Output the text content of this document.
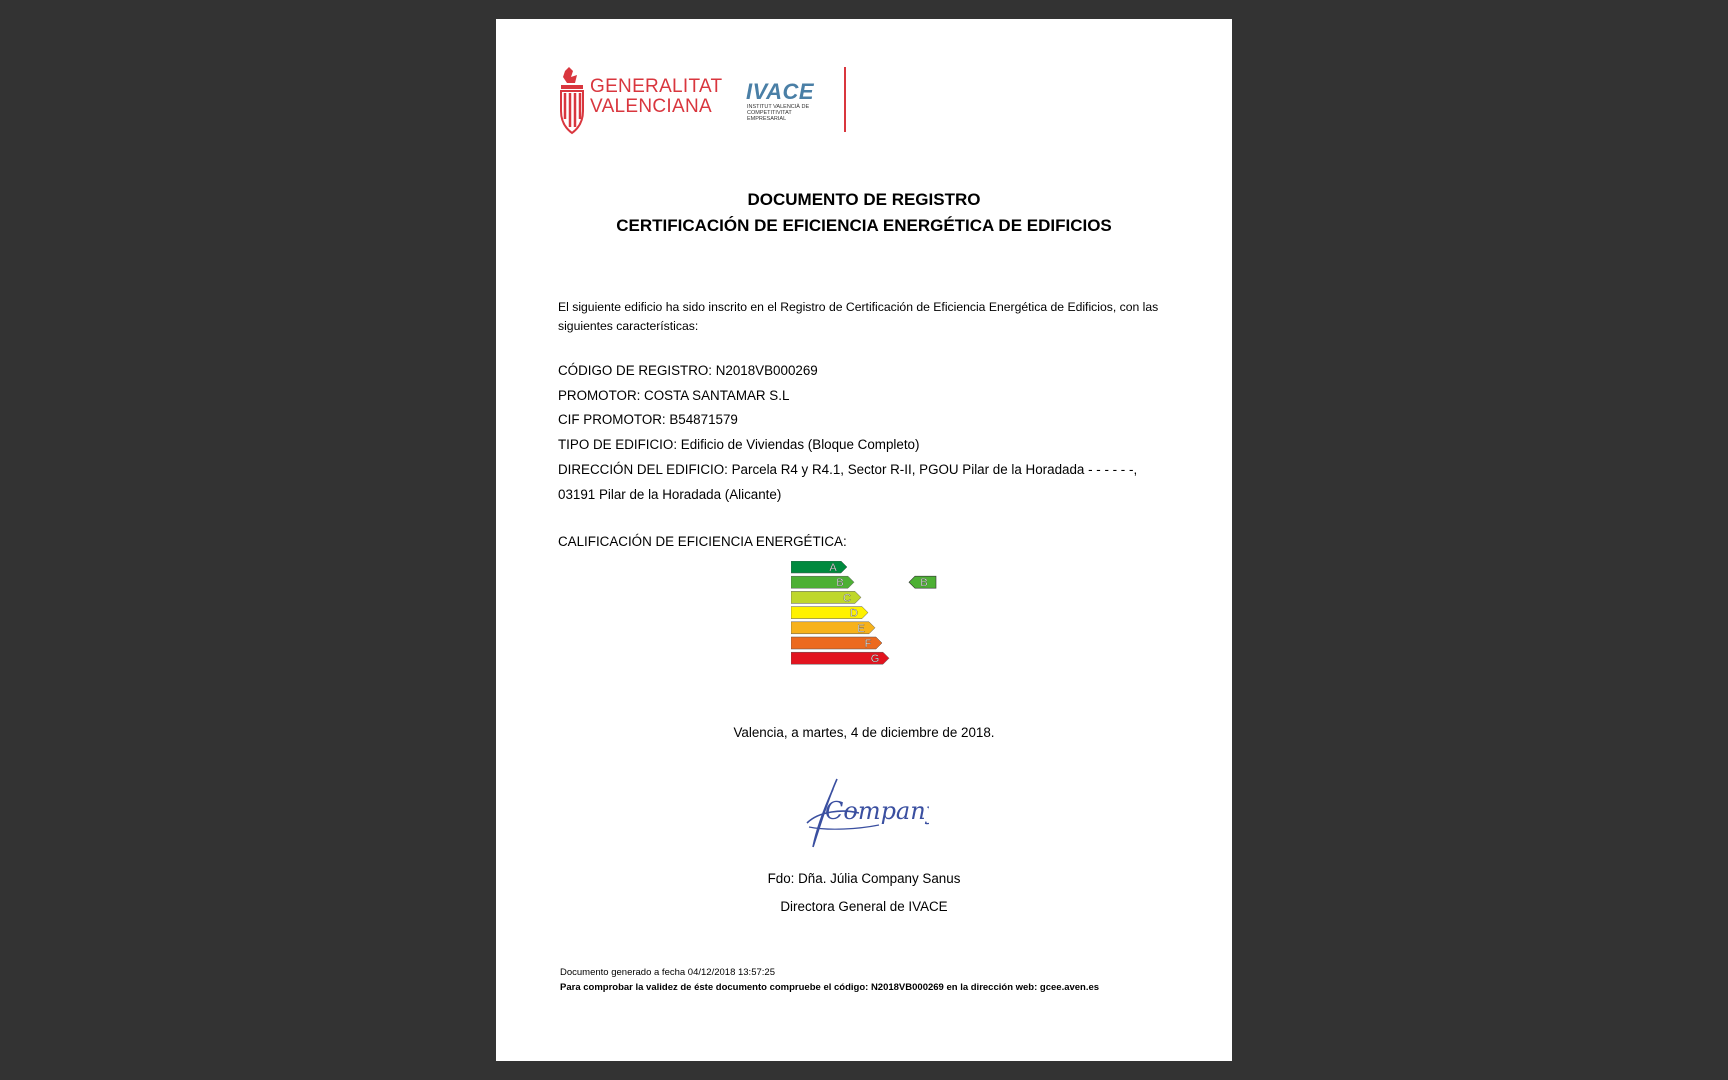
GENERALITAT
VALENCIANA
IVACE
INSTITUT VALENCIÀ DE
COMPETITIVITAT EMPRESARIAL
DOCUMENTO DE REGISTRO
CERTIFICACIÓN DE EFICIENCIA ENERGÉTICA DE EDIFICIOS
El siguiente edificio ha sido inscrito en el Registro de Certificación de Eficiencia Energética de Edificios, con las siguientes características:
CÓDIGO DE REGISTRO: N2018VB000269
PROMOTOR: COSTA SANTAMAR S.L
CIF PROMOTOR: B54871579
TIPO DE EDIFICIO: Edificio de Viviendas (Bloque Completo)
DIRECCIÓN DEL EDIFICIO: Parcela R4 y R4.1, Sector R-II, PGOU Pilar de la Horadada - - - - - -,
03191 Pilar de la Horadada (Alicante)
CALIFICACIÓN DE EFICIENCIA ENERGÉTICA:
A
B
C
D
E
F
G
B
Valencia, a martes, 4 de diciembre de 2018.
Company
Fdo: Dña. Júlia Company Sanus
Directora General de IVACE
Documento generado a fecha 04/12/2018 13:57:25
Para comprobar la validez de éste documento compruebe el código: N2018VB000269 en la dirección web: gcee.aven.es
